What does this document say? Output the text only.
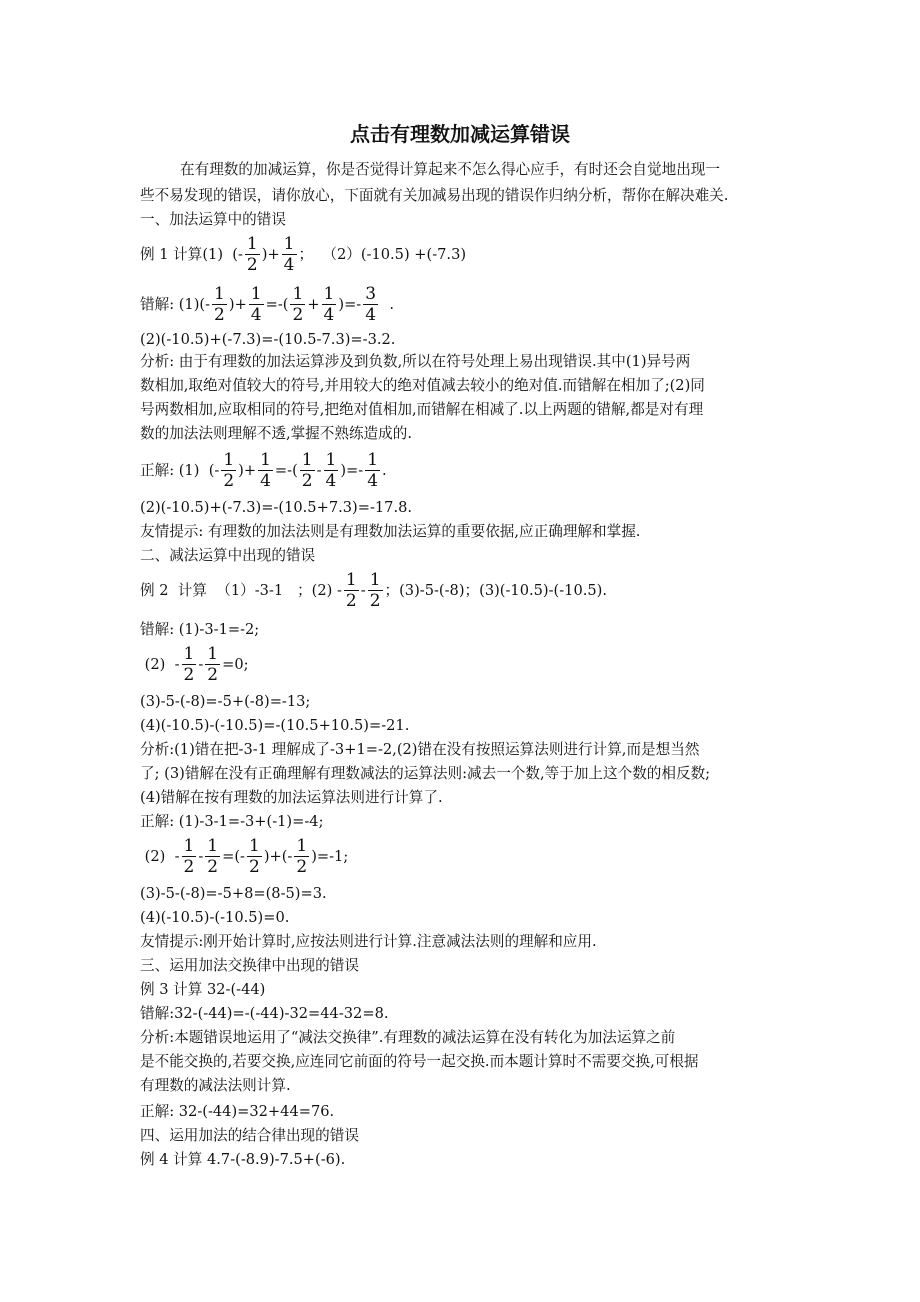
点击有理数加减运算错误
在有理数的加减运算，你是否觉得计算起来不怎么得心应手，有时还会自觉地出现一
些不易发现的错误，请你放心，下面就有关加减易出现的错误作归纳分析，帮你在解决难关.
一、加法运算中的错误
例 1 计算(1)  (- $\frac{1}{2}$ )+ $\frac{1}{4}$ ；  （2）(-10.5) +(-7.3)
错解: $(1)(- \frac{1}{2}$ )+ $\frac{1}{4}$ =-( $\frac{1}{2} + \frac{1}{4}$ )=- $\frac{3}{4}$ .
(2)(-10.5)+(-7.3)=-(10.5-7.3)=-3.2.
分析: 由于有理数的加法运算涉及到负数,所以在符号处理上易出现错误.其中(1)异号两
数相加,取绝对值较大的符号,并用较大的绝对值减去较小的绝对值.而错解在相加了;(2)同
号两数相加,应取相同的符号,把绝对值相加,而错解在相减了.以上两题的错解,都是对有理
数的加法法则理解不透,掌握不熟练造成的.
正解: (1)  (- $\frac{1}{2}$ )+ $\frac{1}{4}$ =-( $\frac{1}{2} - \frac{1}{4}$ )=- $\frac{1}{4}$ .
(2)(-10.5)+(-7.3)=-(10.5+7.3)=-17.8.
友情提示: 有理数的加法法则是有理数加法运算的重要依据,应正确理解和掌握.
二、减法运算中出现的错误
例 2  计算  （1）-3-1   ；$(2) - \frac{1}{2} - \frac{1}{2}$ ；(3)-5-(-8)；(3)(-10.5)-(-10.5).
错解: (1)-3-1=-2;
$(2) - \frac{1}{2} - \frac{1}{2} =0$;
(3)-5-(-8)=-5+(-8)=-13;
(4)(-10.5)-(-10.5)=-(10.5+10.5)=-21.
分析:(1)错在把-3-1 理解成了-3+1=-2,(2)错在没有按照运算法则进行计算,而是想当然
了; (3)错解在没有正确理解有理数减法的运算法则:减去一个数,等于加上这个数的相反数;
(4)错解在按有理数的加法运算法则进行计算了.
正解: (1)-3-1=-3+(-1)=-4;
$(2) - \frac{1}{2} - \frac{1}{2}$ =(- $\frac{1}{2}$ )+(- $\frac{1}{2} )=-1$;
(3)-5-(-8)=-5+8=(8-5)=3.
(4)(-10.5)-(-10.5)=0.
友情提示:刚开始计算时,应按法则进行计算.注意减法法则的理解和应用.
三、运用加法交换律中出现的错误
例 3 计算 32-(-44)
错解:32-(-44)=-(-44)-32=44-32=8.
分析:本题错误地运用了“减法交换律”.有理数的减法运算在没有转化为加法运算之前
是不能交换的,若要交换,应连同它前面的符号一起交换.而本题计算时不需要交换,可根据
有理数的减法法则计算.
正解: 32-(-44)=32+44=76.
四、运用加法的结合律出现的错误
例 4 计算 4.7-(-8.9)-7.5+(-6).
